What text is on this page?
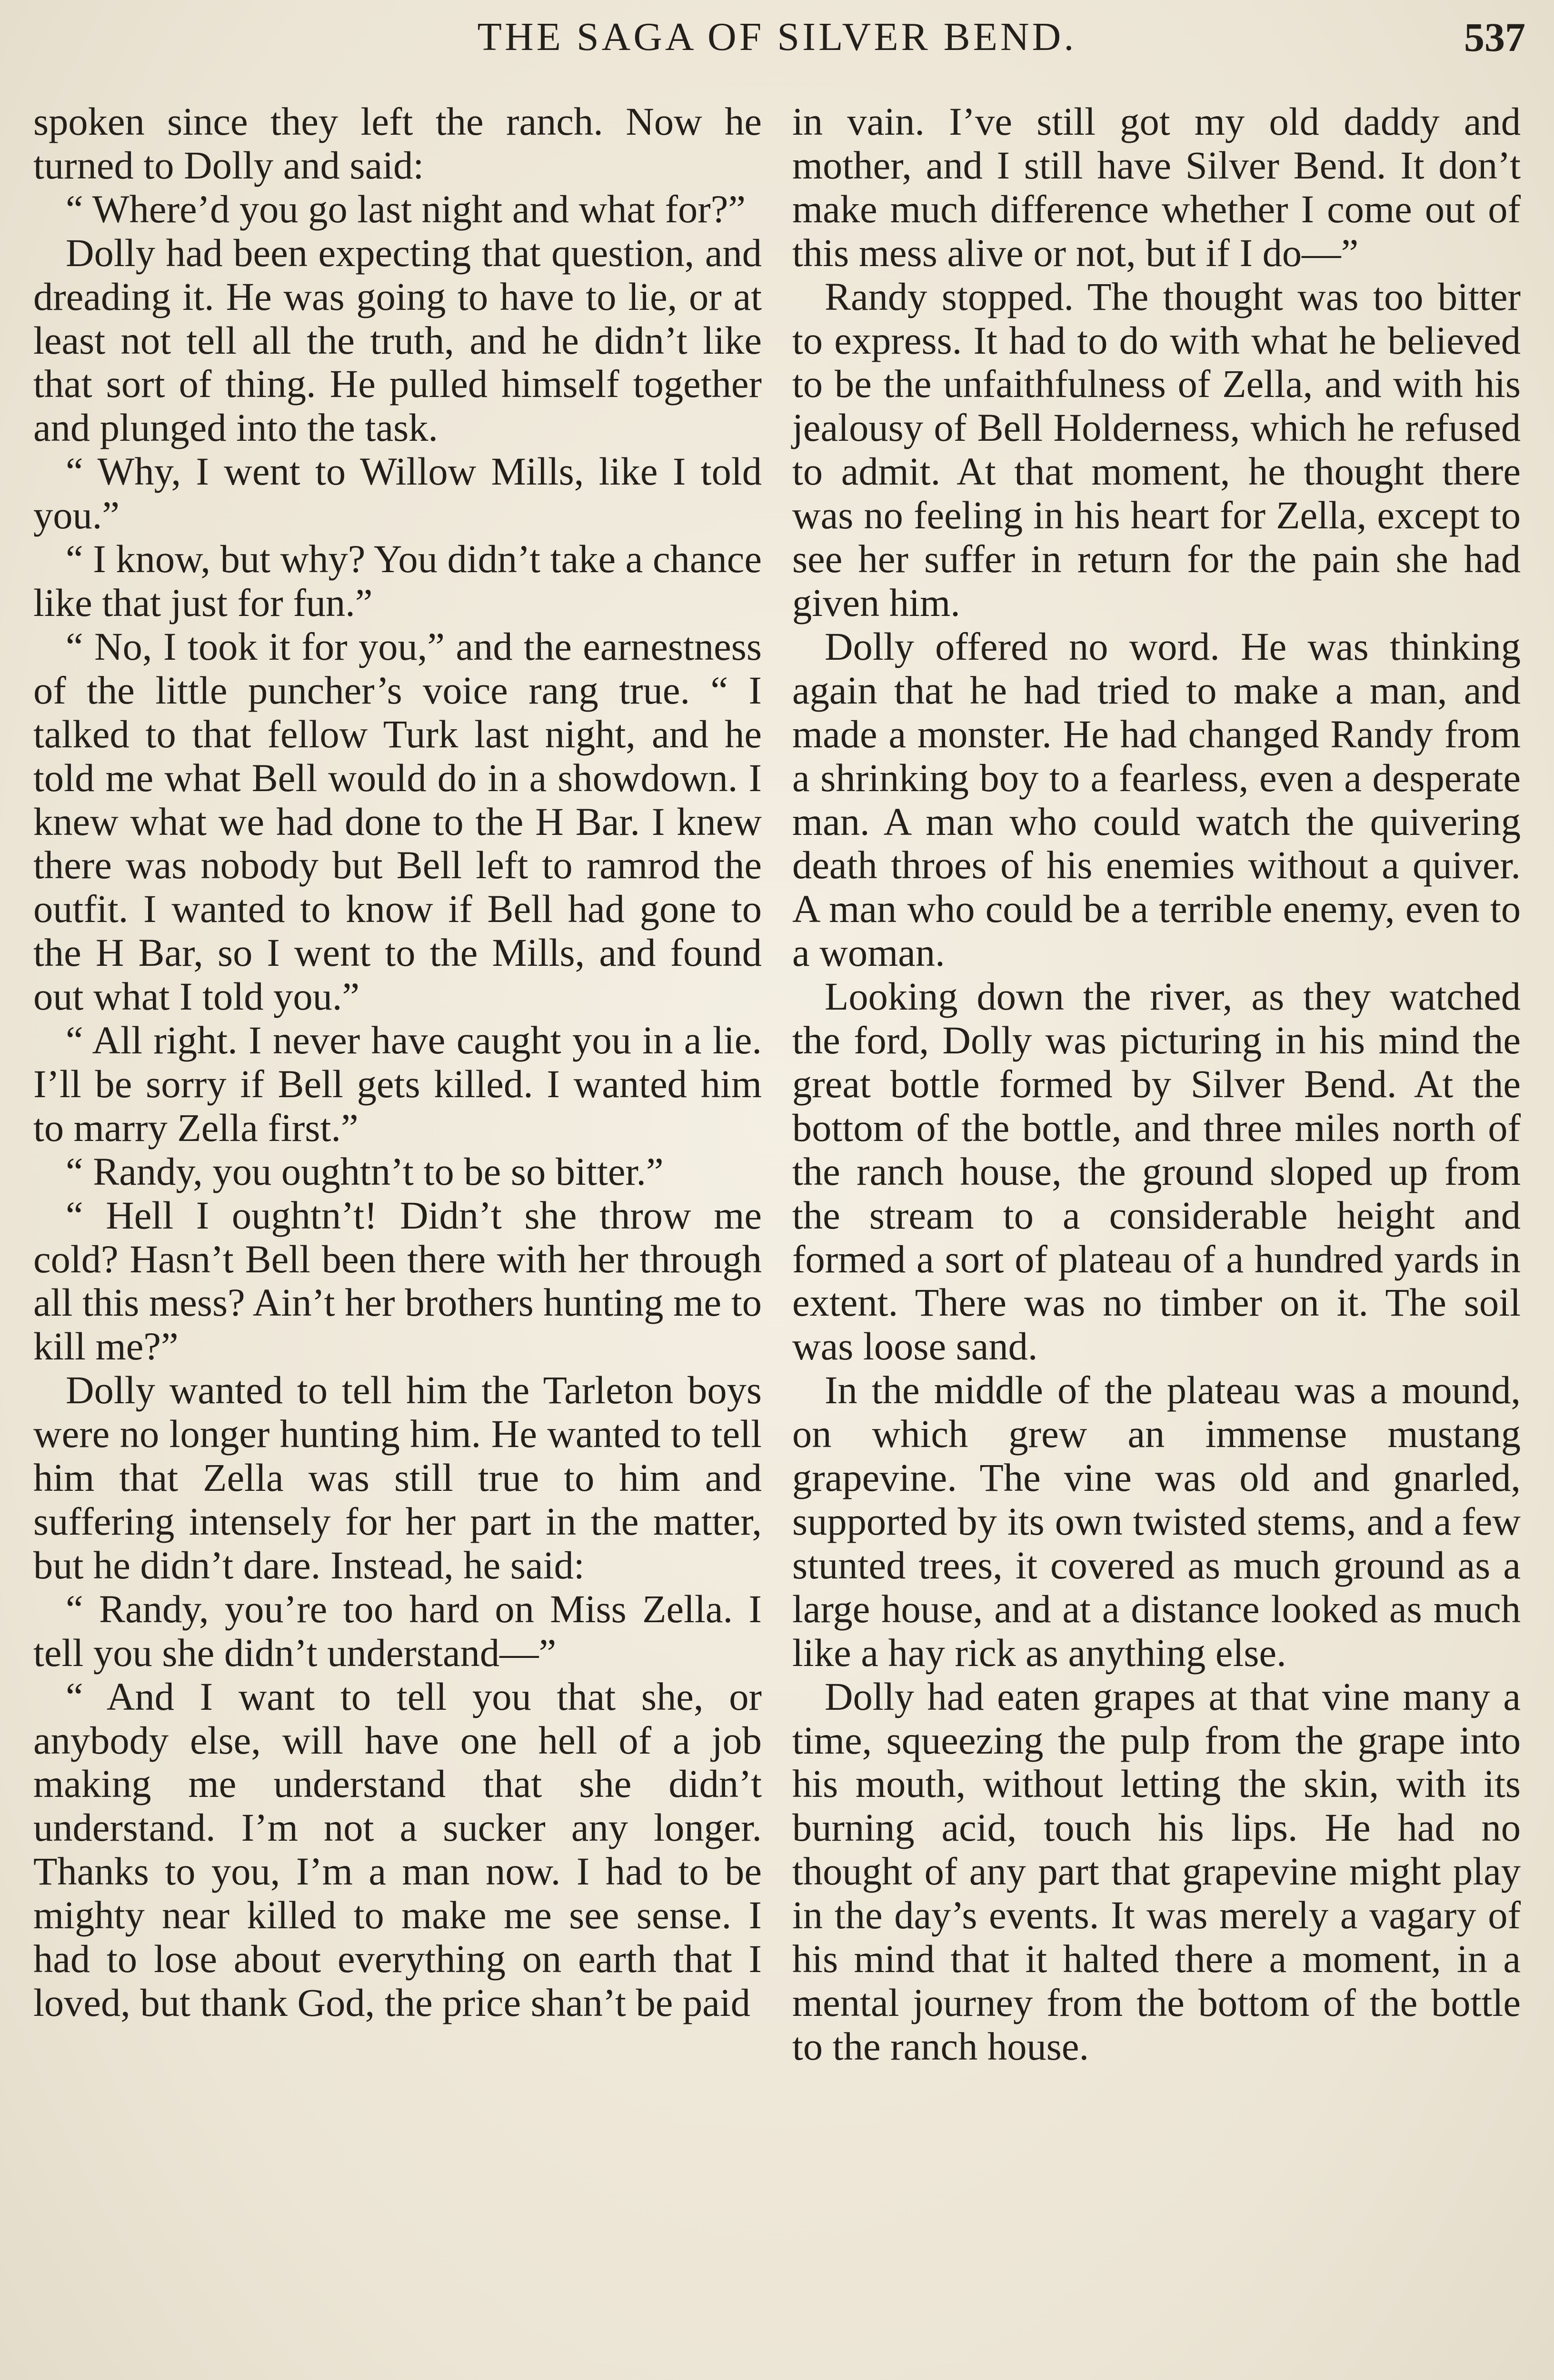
THE SAGA OF SILVER BEND.	537

spoken since they left the ranch. Now he turned to Dolly and said:

“ Where’d you go last night and what for?”

Dolly had been expecting that question, and dreading it. He was going to have to lie, or at least not tell all the truth, and he didn’t like that sort of thing. He pulled himself together and plunged into the task.

“ Why, I went to Willow Mills, like I told you.”

“ I know, but why? You didn’t take a chance like that just for fun.”

“ No, I took it for you,” and the earnestness of the little puncher’s voice rang true. “ I talked to that fellow Turk last night, and he told me what Bell would do in a showdown. I knew what we had done to the H Bar. I knew there was nobody but Bell left to ramrod the outfit. I wanted to know if Bell had gone to the H Bar, so I went to the Mills, and found out what I told you.”

“ All right. I never have caught you in a lie. I’ll be sorry if Bell gets killed. I wanted him to marry Zella first.”

“ Randy, you oughtn’t to be so bitter.”

“ Hell I oughtn’t! Didn’t she throw me cold? Hasn’t Bell been there with her through all this mess? Ain’t her brothers hunting me to kill me?”

Dolly wanted to tell him the Tarleton boys were no longer hunting him. He wanted to tell him that Zella was still true to him and suffering intensely for her part in the matter, but he didn’t dare. Instead, he said:

“ Randy, you’re too hard on Miss Zella. I tell you she didn’t understand—”

“ And I want to tell you that she, or anybody else, will have one hell of a job making me understand that she didn’t understand. I’m not a sucker any longer. Thanks to you, I’m a man now. I had to be mighty near killed to make me see sense. I had to lose about everything on earth that I loved, but thank God, the price shan’t be paid

in vain. I’ve still got my old daddy and mother, and I still have Silver Bend. It don’t make much difference whether I come out of this mess alive or not, but if I do—”

Randy stopped. The thought was too bitter to express. It had to do with what he believed to be the unfaithfulness of Zella, and with his jealousy of Bell Holderness, which he refused to admit. At that moment, he thought there was no feeling in his heart for Zella, except to see her suffer in return for the pain she had given him.

Dolly offered no word. He was thinking again that he had tried to make a man, and made a monster. He had changed Randy from a shrinking boy to a fearless, even a desperate man. A man who could watch the quivering death throes of his enemies without a quiver. A man who could be a terrible enemy, even to a woman.

Looking down the river, as they watched the ford, Dolly was picturing in his mind the great bottle formed by Silver Bend. At the bottom of the bottle, and three miles north of the ranch house, the ground sloped up from the stream to a considerable height and formed a sort of plateau of a hundred yards in extent. There was no timber on it. The soil was loose sand.

In the middle of the plateau was a mound, on which grew an immense mustang grapevine. The vine was old and gnarled, supported by its own twisted stems, and a few stunted trees, it covered as much ground as a large house, and at a distance looked as much like a hay rick as anything else.

Dolly had eaten grapes at that vine many a time, squeezing the pulp from the grape into his mouth, without letting the skin, with its burning acid, touch his lips. He had no thought of any part that grapevine might play in the day’s events. It was merely a vagary of his mind that it halted there a moment, in a mental journey from the bottom of the bottle to the ranch house.
